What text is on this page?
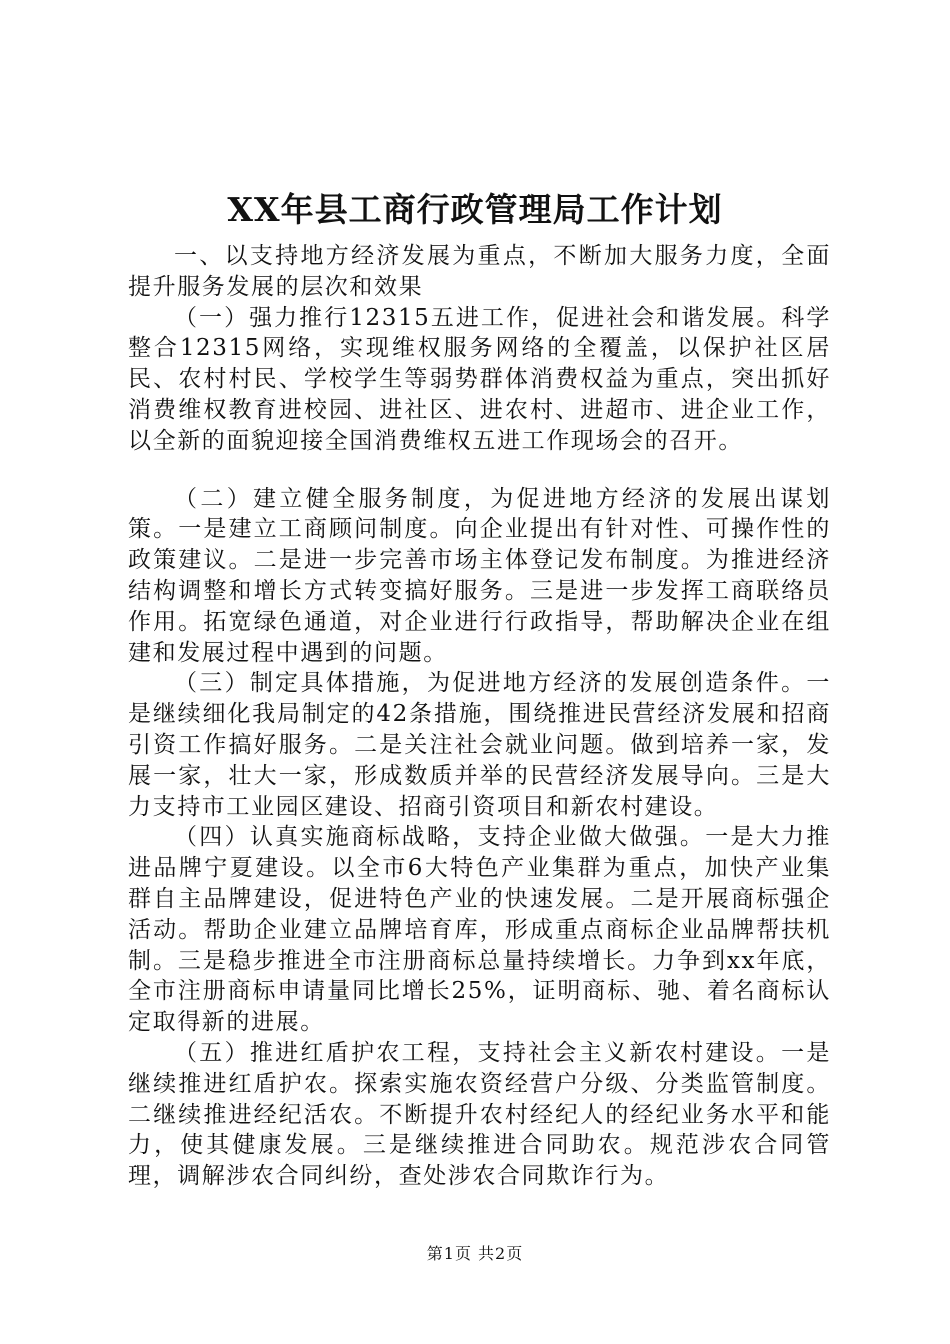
XX年县工商行政管理局工作计划

一、以支持地方经济发展为重点，不断加大服务力度，全面提升服务发展的层次和效果

（一）强力推行12315五进工作，促进社会和谐发展。科学整合12315网络，实现维权服务网络的全覆盖，以保护社区居民、农村村民、学校学生等弱势群体消费权益为重点，突出抓好消费维权教育进校园、进社区、进农村、进超市、进企业工作，以全新的面貌迎接全国消费维权五进工作现场会的召开。

（二）建立健全服务制度，为促进地方经济的发展出谋划策。一是建立工商顾问制度。向企业提出有针对性、可操作性的政策建议。二是进一步完善市场主体登记发布制度。为推进经济结构调整和增长方式转变搞好服务。三是进一步发挥工商联络员作用。拓宽绿色通道，对企业进行行政指导，帮助解决企业在组建和发展过程中遇到的问题。

（三）制定具体措施，为促进地方经济的发展创造条件。一是继续细化我局制定的42条措施，围绕推进民营经济发展和招商引资工作搞好服务。二是关注社会就业问题。做到培养一家，发展一家，壮大一家，形成数质并举的民营经济发展导向。三是大力支持市工业园区建设、招商引资项目和新农村建设。

（四）认真实施商标战略，支持企业做大做强。一是大力推进品牌宁夏建设。以全市6大特色产业集群为重点，加快产业集群自主品牌建设，促进特色产业的快速发展。二是开展商标强企活动。帮助企业建立品牌培育库，形成重点商标企业品牌帮扶机制。三是稳步推进全市注册商标总量持续增长。力争到xx年底，全市注册商标申请量同比增长25%，证明商标、驰、着名商标认定取得新的进展。

（五）推进红盾护农工程，支持社会主义新农村建设。一是继续推进红盾护农。探索实施农资经营户分级、分类监管制度。二继续推进经纪活农。不断提升农村经纪人的经纪业务水平和能力，使其健康发展。三是继续推进合同助农。规范涉农合同管理，调解涉农合同纠纷，查处涉农合同欺诈行为。

第1页 共2页
